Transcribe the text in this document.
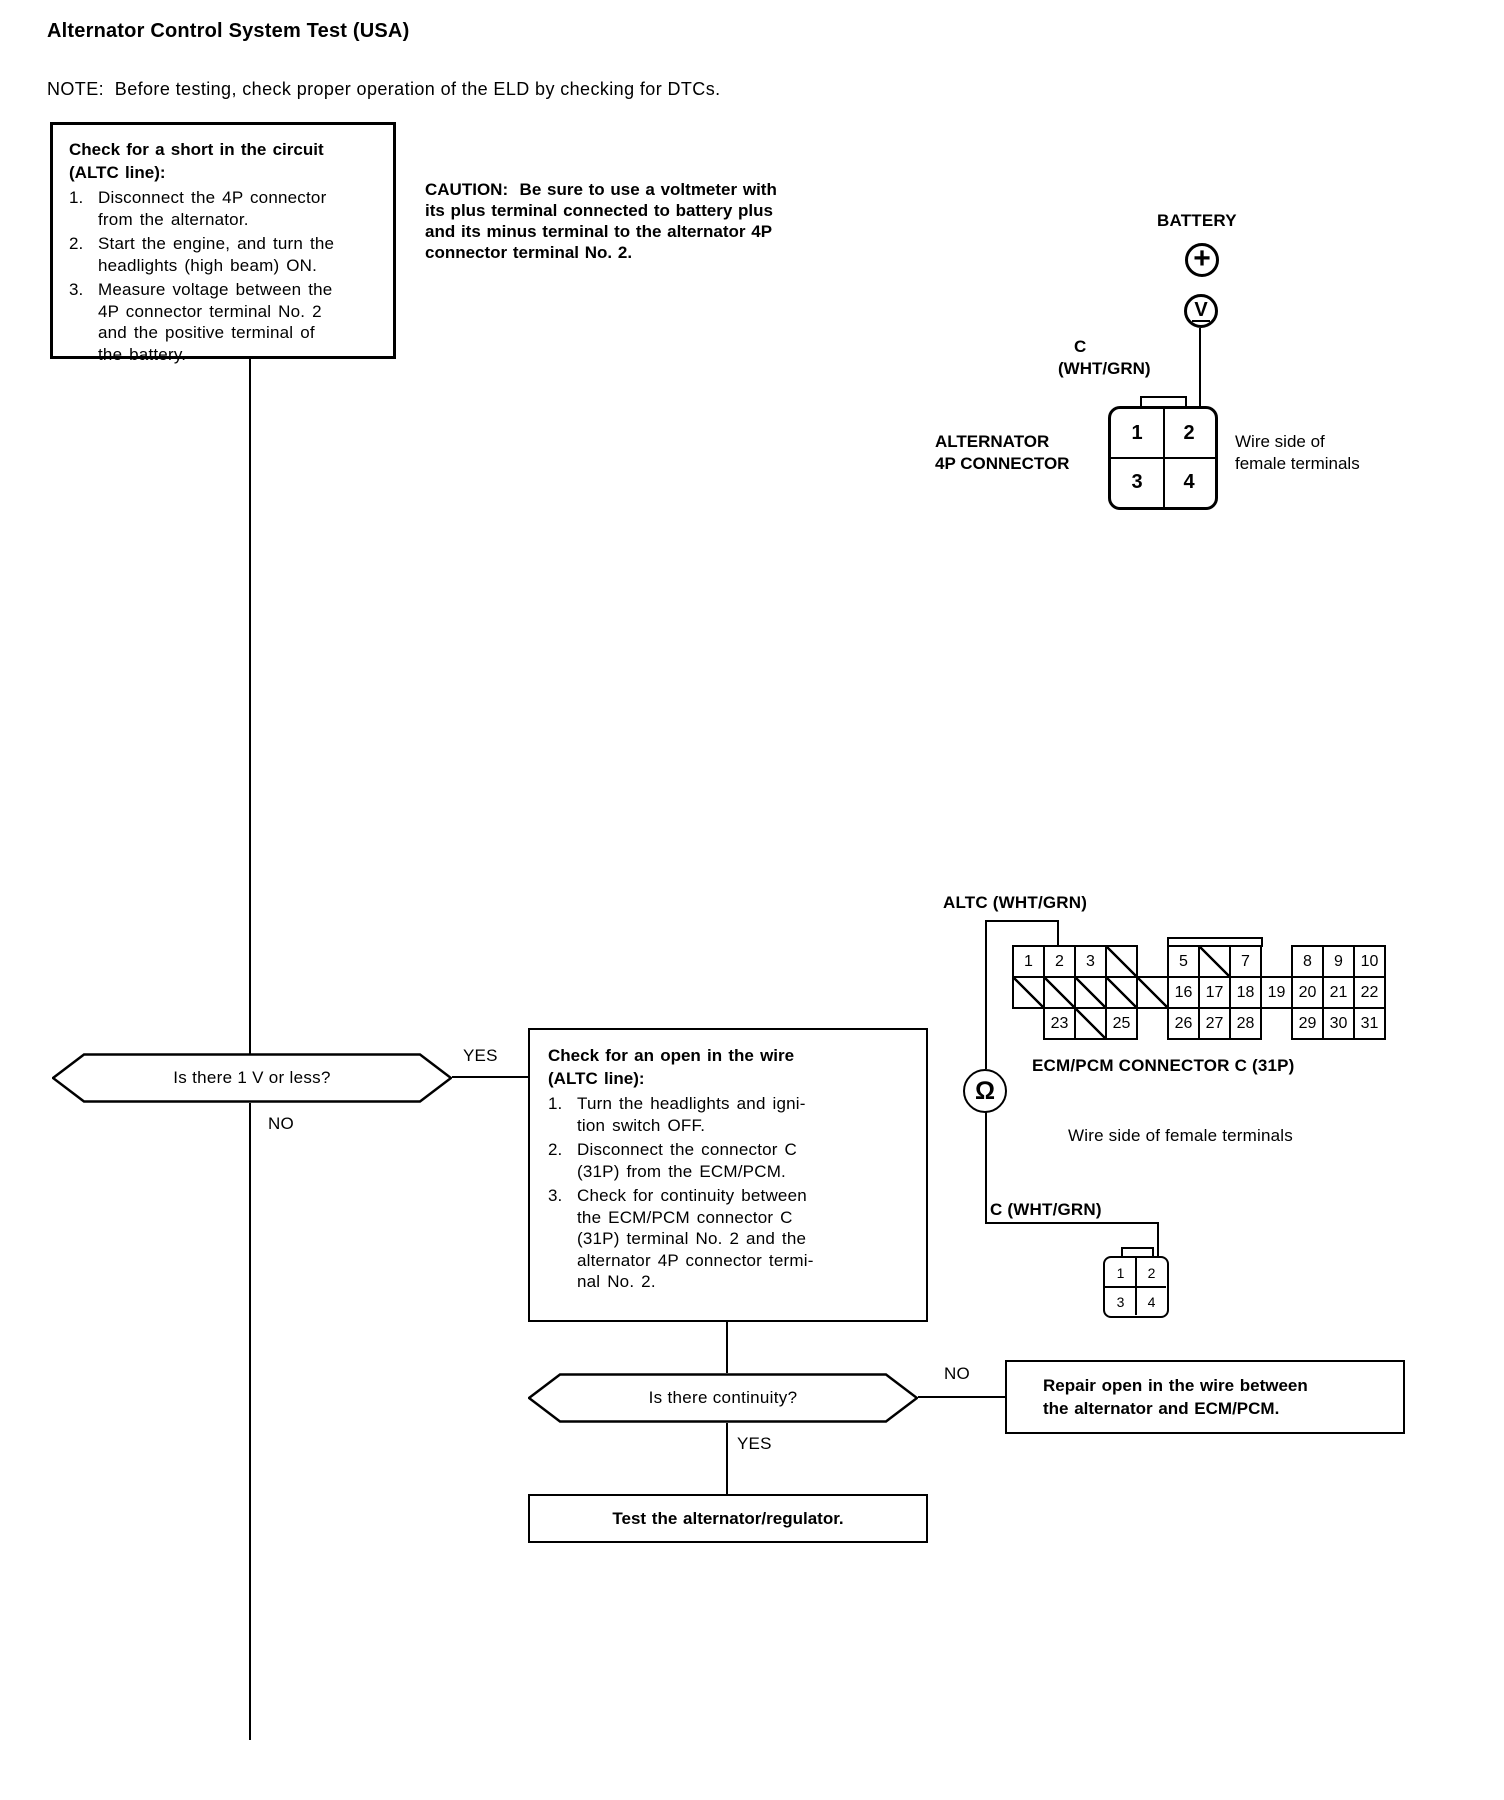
Alternator Control System Test (USA)
NOTE:  Before testing, check proper operation of the ELD by checking for DTCs.
Check for a short in the circuit
(ALTC line):
1. Disconnect the 4P connector
from the alternator.
2. Start the engine, and turn the
headlights (high beam) ON.
3. Measure voltage between the
4P connector terminal No. 2
and the positive terminal of
the battery.
CAUTION:  Be sure to use a voltmeter with
its plus terminal connected to battery plus
and its minus terminal to the alternator 4P
connector terminal No. 2.
BATTERY
+
V
C
(WHT/GRN)
1 2
3 4
ALTERNATOR
4P CONNECTOR
Wire side of
female terminals
ALTC (WHT/GRN)
Ω
1	2	3	5	7	8	9	10
16 17 18 19 20 21 22
23	25	26 27 28	29 30 31
ECM/PCM CONNECTOR C (31P)
Wire side of female terminals
C (WHT/GRN)
1 2
3 4
Is there 1 V or less?
YES
NO
Check for an open in the wire
(ALTC line):
1. Turn the headlights and igni-
tion switch OFF.
2. Disconnect the connector C
(31P) from the ECM/PCM.
3. Check for continuity between
the ECM/PCM connector C
(31P) terminal No. 2 and the
alternator 4P connector termi-
nal No. 2.
Is there continuity?
YES
NO
Repair open in the wire between
the alternator and ECM/PCM.
Test the alternator/regulator.
